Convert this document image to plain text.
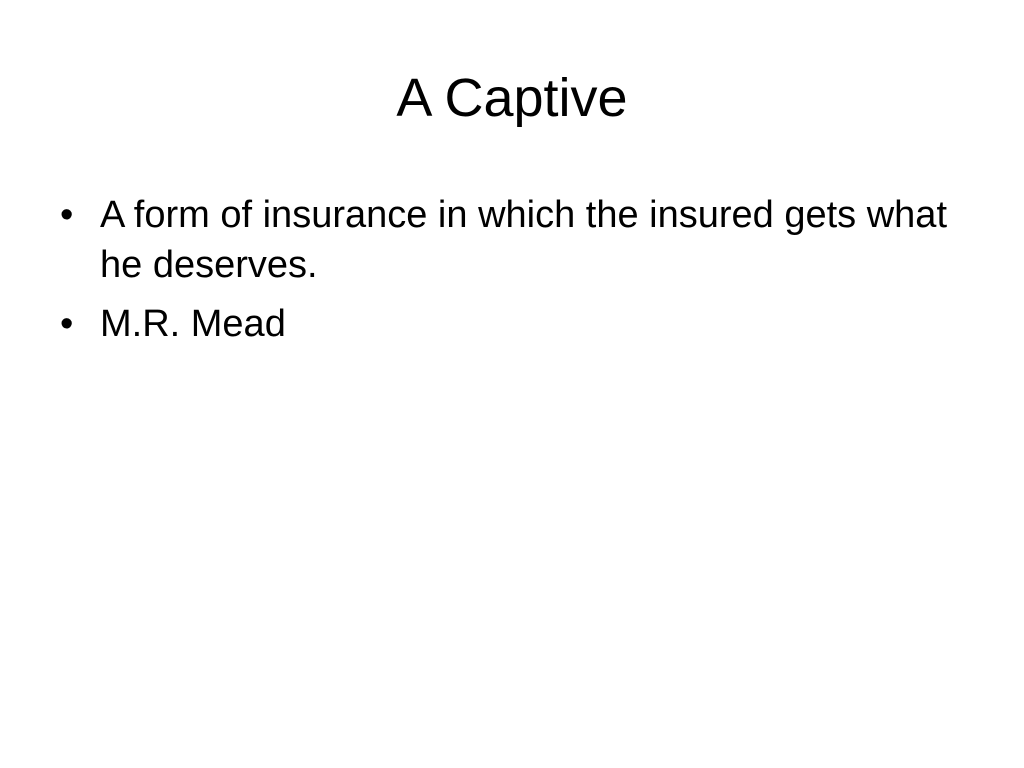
A Captive
• A form of insurance in which the insured gets what he deserves.
• M.R. Mead
